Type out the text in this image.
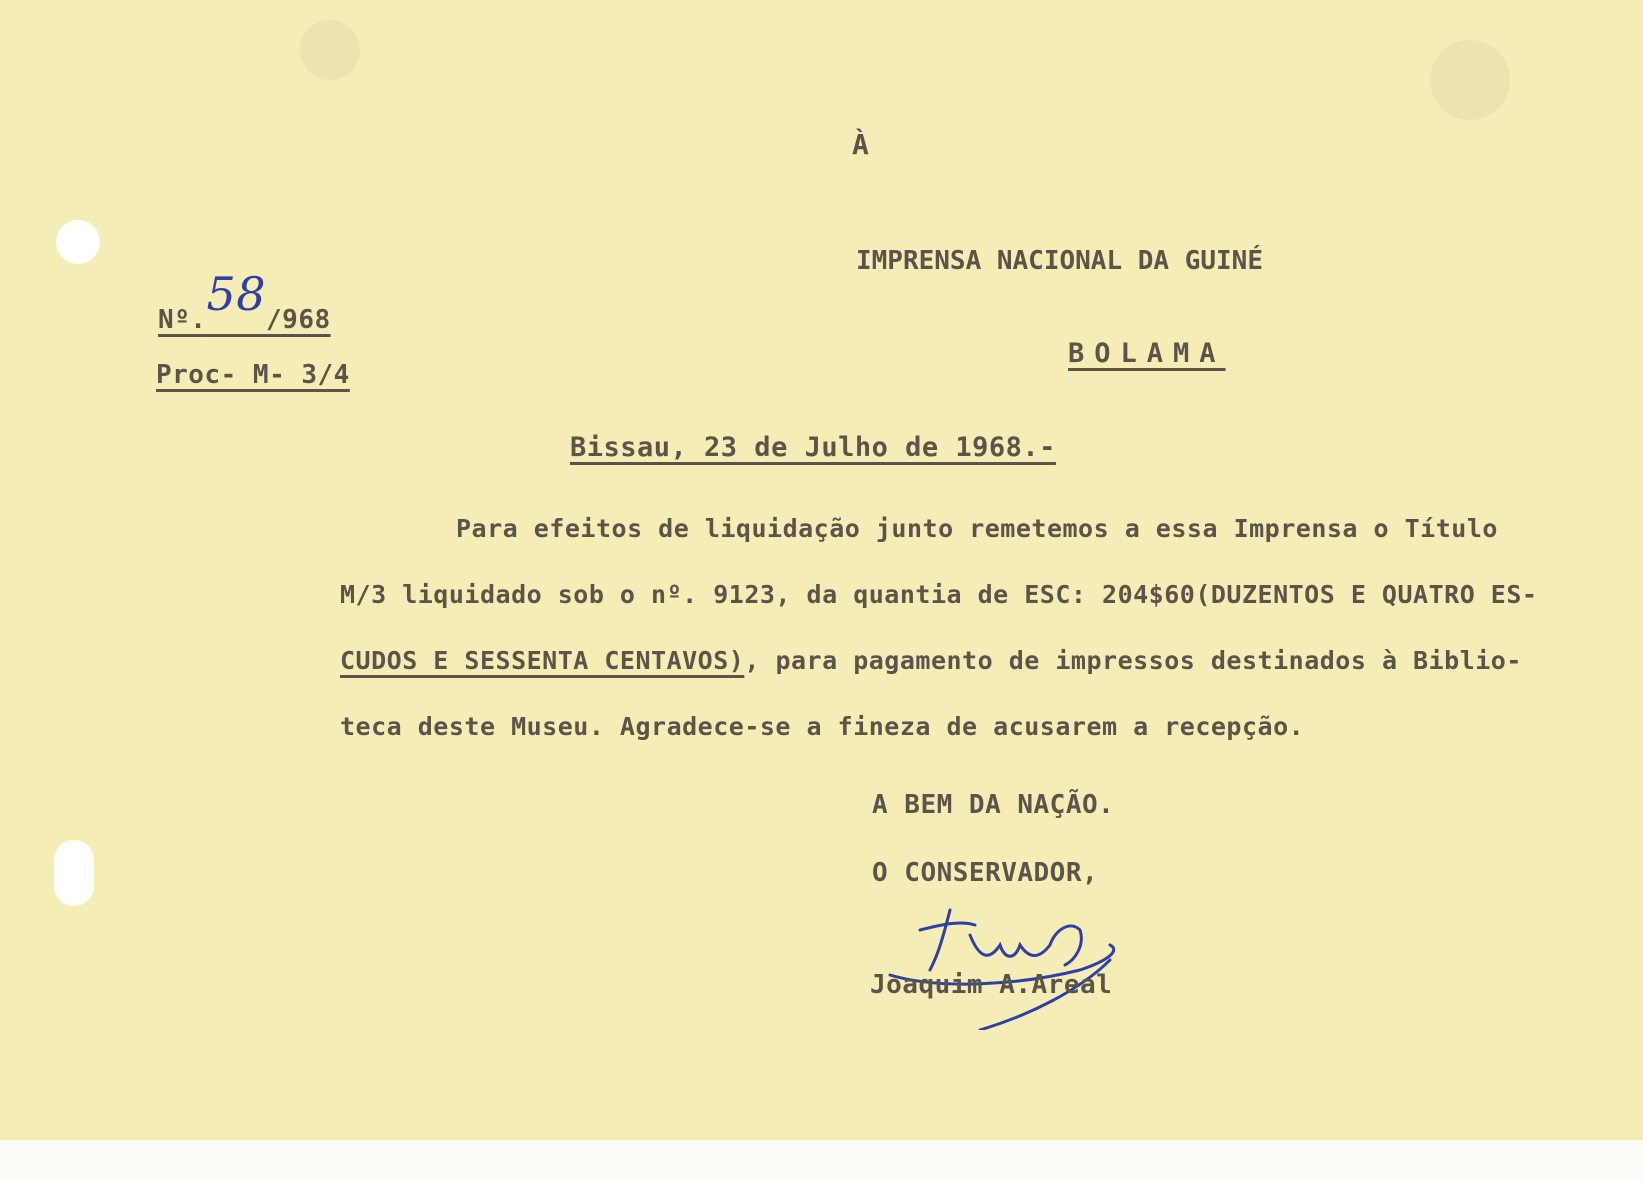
À
IMPRENSA NACIONAL DA GUINÉ
BOLAMA
Nº.58/968
Proc- M- 3/4
Bissau, 23 de Julho de 1968.-
Para efeitos de liquidação junto remetemos a essa Imprensa o Título
M/3 liquidado sob o nº. 9123, da quantia de ESC: 204$60(DUZENTOS E QUATRO ES-
CUDOS E SESSENTA CENTAVOS), para pagamento de impressos destinados à Biblio-
teca deste Museu. Agradece-se a fineza de acusarem a recepção.
A BEM DA NAÇÃO.
O CONSERVADOR,
Joaquim A.Areal
